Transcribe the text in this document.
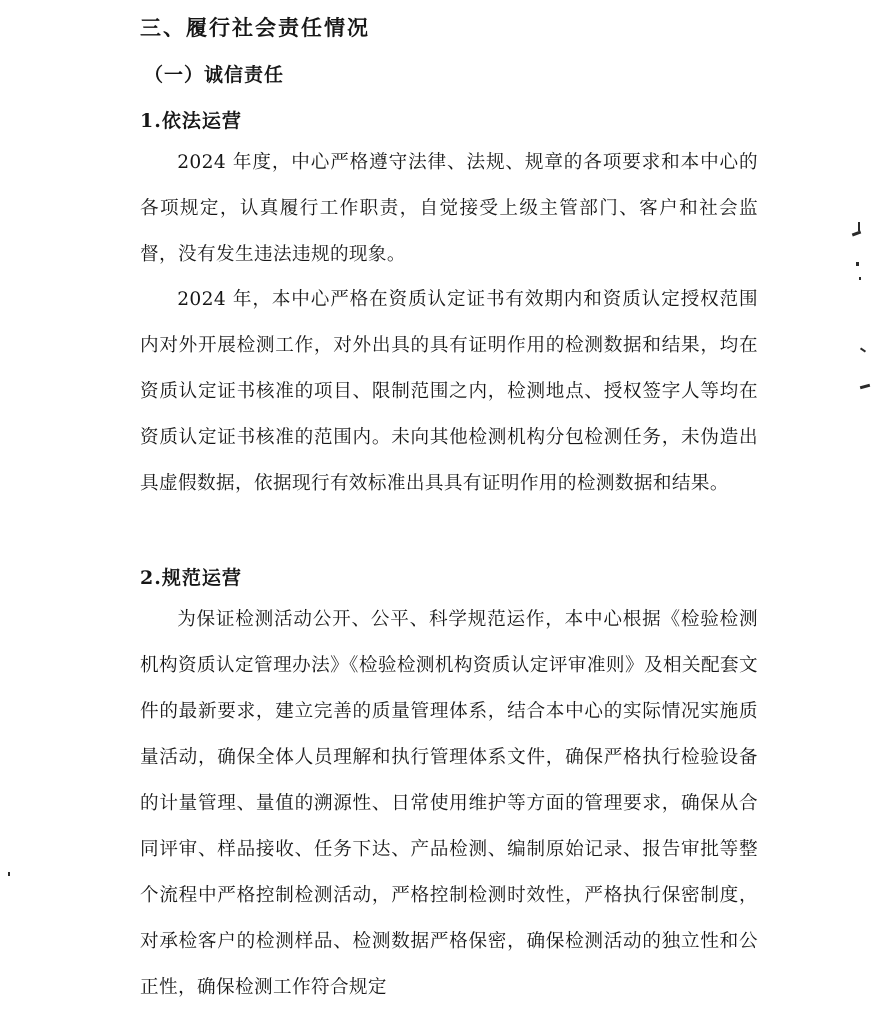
三、履行社会责任情况
（一）诚信责任
1.依法运营

2024 年度，中心严格遵守法律、法规、规章的各项要求和本中心的各项规定，认真履行工作职责，自觉接受上级主管部门、客户和社会监督，没有发生违法违规的现象。

2024 年，本中心严格在资质认定证书有效期内和资质认定授权范围内对外开展检测工作，对外出具的具有证明作用的检测数据和结果，均在资质认定证书核准的项目、限制范围之内，检测地点、授权签字人等均在资质认定证书核准的范围内。未向其他检测机构分包检测任务，未伪造出具虚假数据，依据现行有效标准出具具有证明作用的检测数据和结果。

2.规范运营

为保证检测活动公开、公平、科学规范运作，本中心根据《检验检测机构资质认定管理办法》《检验检测机构资质认定评审准则》及相关配套文件的最新要求，建立完善的质量管理体系，结合本中心的实际情况实施质量活动，确保全体人员理解和执行管理体系文件，确保严格执行检验设备的计量管理、量值的溯源性、日常使用维护等方面的管理要求，确保从合同评审、样品接收、任务下达、产品检测、编制原始记录、报告审批等整个流程中严格控制检测活动，严格控制检测时效性，严格执行保密制度，对承检客户的检测样品、检测数据严格保密，确保检测活动的独立性和公正性，确保检测工作符合规定
